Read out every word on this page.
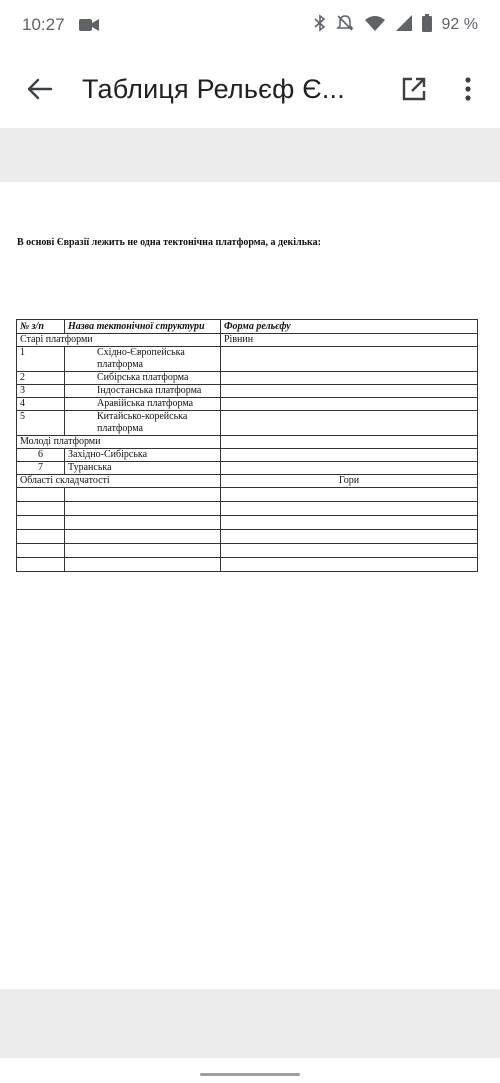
10:27	92 %
Таблиця Рельєф Є...
В основі Євразії лежить не одна тектонічна платформа, а декілька:
№ з/п	Назва тектонічної структури	Форма рельєфу
Старі платформи		Рівнин
1	Східно-Європейська платформа	
2	Сибірська платформа	
3	Індостанська платформа	
4	Аравійська платформа	
5	Китайсько-корейська платформа	
Молоді платформи		
6	Західно-Сибірська	
7	Туранська	
Області складчатості		Гори
